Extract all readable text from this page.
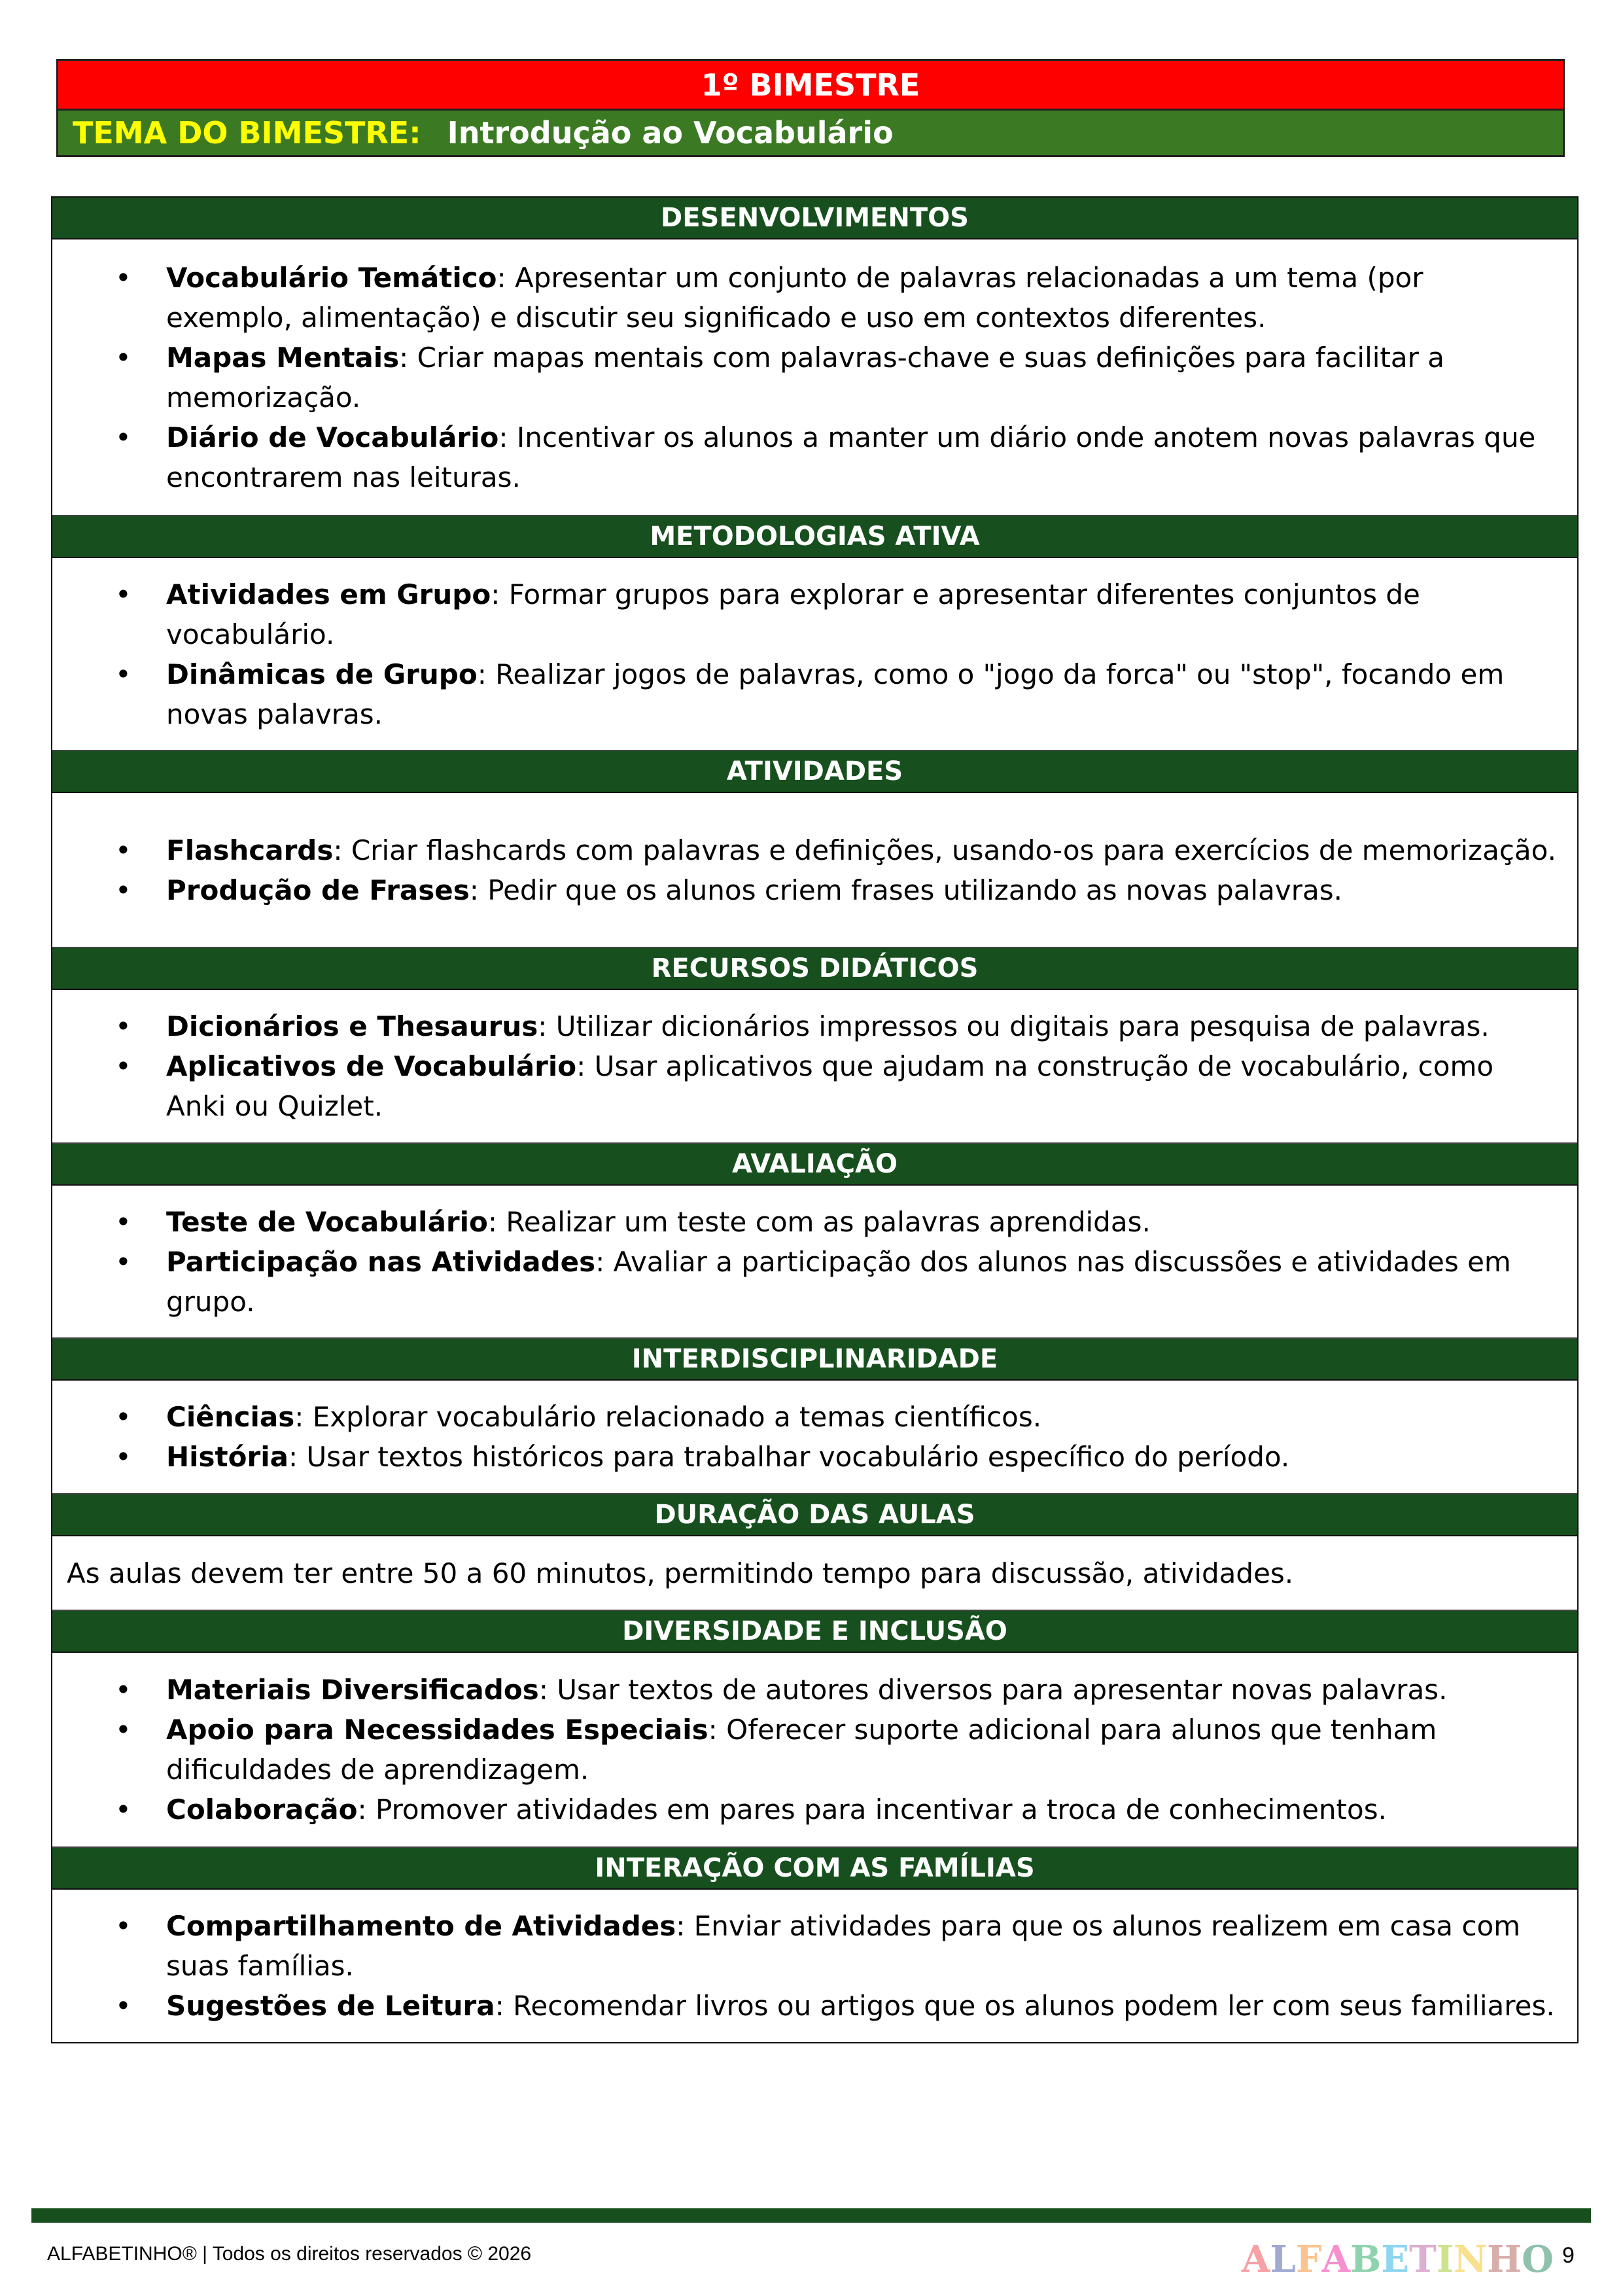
1º BIMESTRE
TEMA DO BIMESTRE: Introdução ao Vocabulário
DESENVOLVIMENTOS
• Vocabulário Temático: Apresentar um conjunto de palavras relacionadas a um tema (por exemplo, alimentação) e discutir seu significado e uso em contextos diferentes.
• Mapas Mentais: Criar mapas mentais com palavras-chave e suas definições para facilitar a memorização.
• Diário de Vocabulário: Incentivar os alunos a manter um diário onde anotem novas palavras que encontrarem nas leituras.
METODOLOGIAS ATIVA
• Atividades em Grupo: Formar grupos para explorar e apresentar diferentes conjuntos de vocabulário.
• Dinâmicas de Grupo: Realizar jogos de palavras, como o "jogo da forca" ou "stop", focando em novas palavras.
ATIVIDADES
• Flashcards: Criar flashcards com palavras e definições, usando-os para exercícios de memorização.
• Produção de Frases: Pedir que os alunos criem frases utilizando as novas palavras.
RECURSOS DIDÁTICOS
• Dicionários e Thesaurus: Utilizar dicionários impressos ou digitais para pesquisa de palavras.
• Aplicativos de Vocabulário: Usar aplicativos que ajudam na construção de vocabulário, como Anki ou Quizlet.
AVALIAÇÃO
• Teste de Vocabulário: Realizar um teste com as palavras aprendidas.
• Participação nas Atividades: Avaliar a participação dos alunos nas discussões e atividades em grupo.
INTERDISCIPLINARIDADE
• Ciências: Explorar vocabulário relacionado a temas científicos.
• História: Usar textos históricos para trabalhar vocabulário específico do período.
DURAÇÃO DAS AULAS
As aulas devem ter entre 50 a 60 minutos, permitindo tempo para discussão, atividades.
DIVERSIDADE E INCLUSÃO
• Materiais Diversificados: Usar textos de autores diversos para apresentar novas palavras.
• Apoio para Necessidades Especiais: Oferecer suporte adicional para alunos que tenham dificuldades de aprendizagem.
• Colaboração: Promover atividades em pares para incentivar a troca de conhecimentos.
INTERAÇÃO COM AS FAMÍLIAS
• Compartilhamento de Atividades: Enviar atividades para que os alunos realizem em casa com suas famílias.
• Sugestões de Leitura: Recomendar livros ou artigos que os alunos podem ler com seus familiares.
ALFABETINHO® | Todos os direitos reservados © 2026	A L F A B E T I N H O 9
